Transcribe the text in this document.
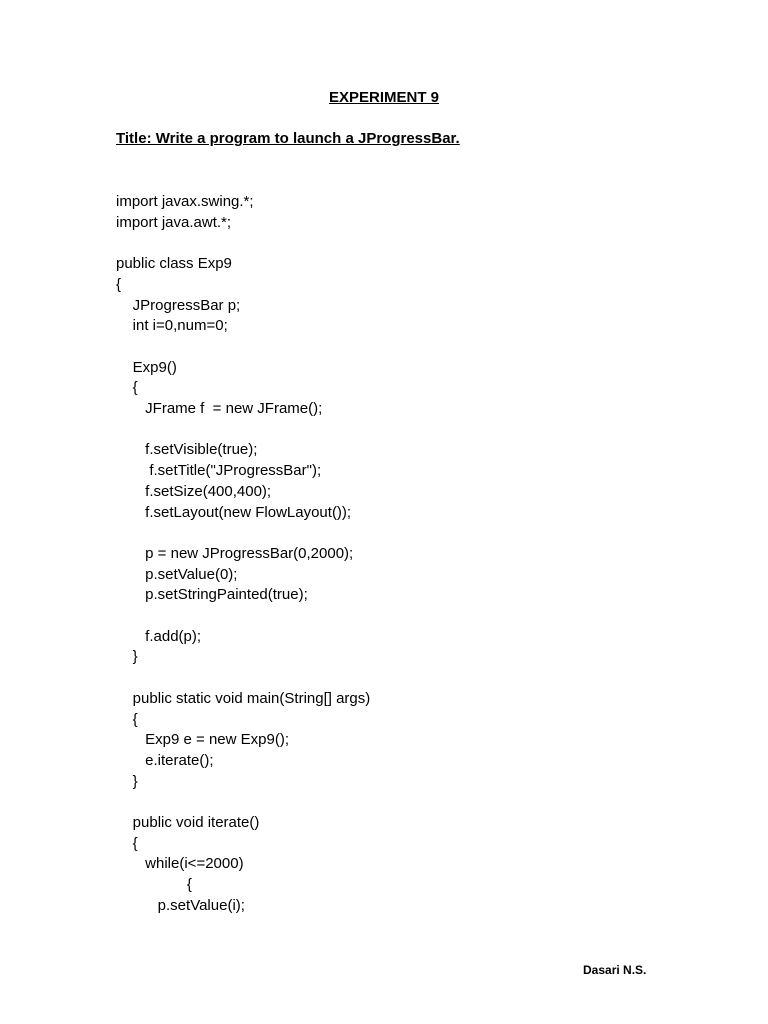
EXPERIMENT 9
Title: Write a program to launch a JProgressBar.
import javax.swing.*;
import java.awt.*;
public class Exp9
{
JProgressBar p;
int i=0,num=0;
Exp9()
{
JFrame f  = new JFrame();
f.setVisible(true);
f.setTitle("JProgressBar");
f.setSize(400,400);
f.setLayout(new FlowLayout());
p = new JProgressBar(0,2000);
p.setValue(0);
p.setStringPainted(true);
f.add(p);
}
public static void main(String[] args)
{
Exp9 e = new Exp9();
e.iterate();
}
public void iterate()
{
while(i<=2000)
{
p.setValue(i);
Dasari N.S.
